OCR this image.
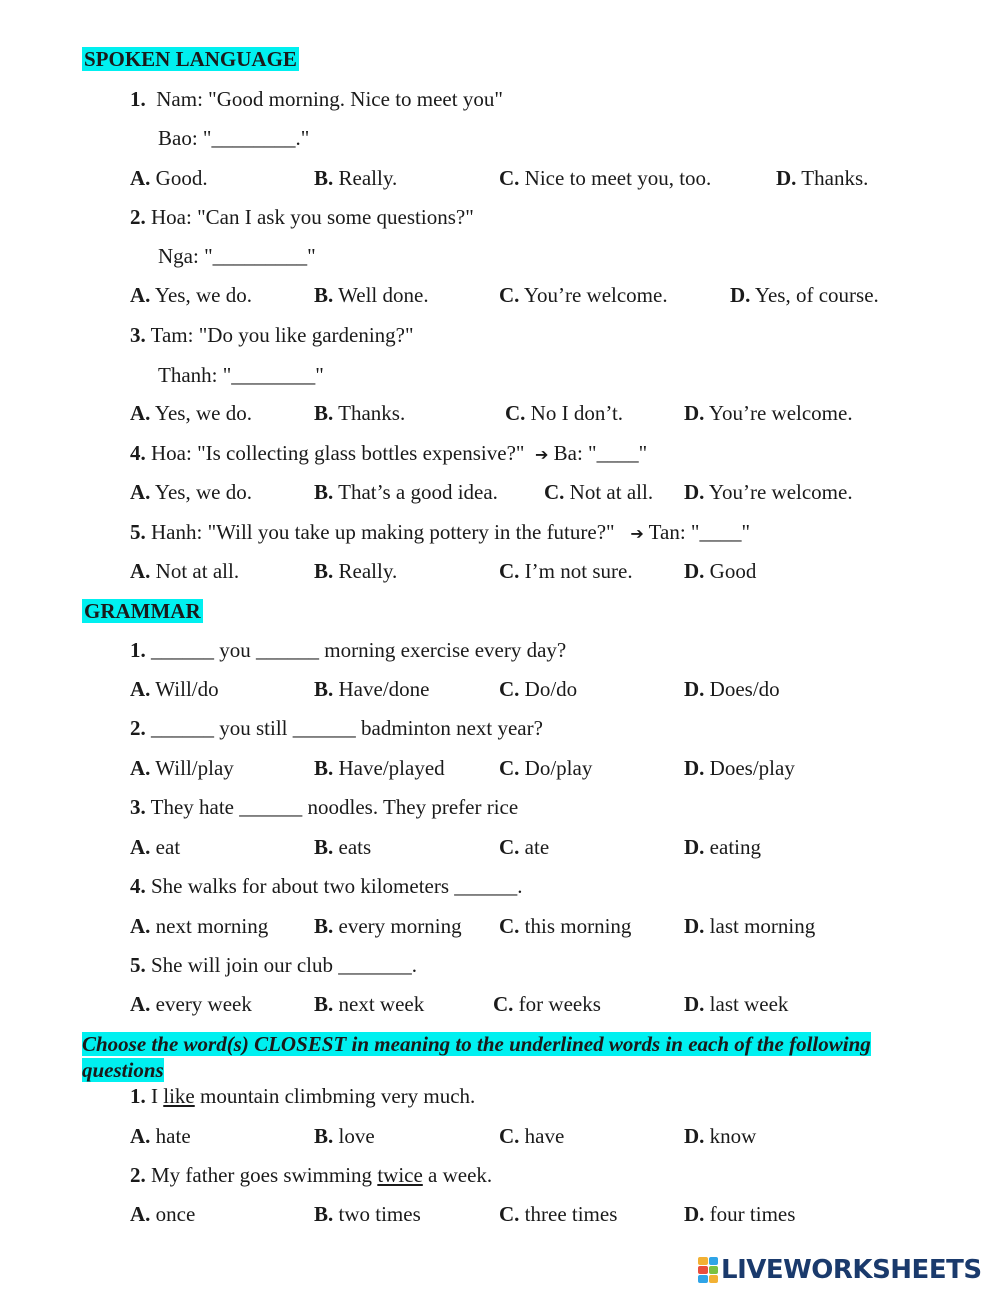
SPOKEN LANGUAGE
1. Nam: "Good morning. Nice to meet you"
Bao: "________."
A. Good.	B. Really.	C. Nice to meet you, too.	D. Thanks.
2. Hoa: "Can I ask you some questions?"
Nga: "_________"
A. Yes, we do.	B. Well done.	C. You’re welcome.	D. Yes, of course.
3. Tam: "Do you like gardening?"
Thanh: "________"
A. Yes, we do.	B. Thanks.	C. No I don’t.	D. You’re welcome.
4. Hoa: "Is collecting glass bottles expensive?" ➔ Ba: "____"
A. Yes, we do.	B. That’s a good idea. C. Not at all. D. You’re welcome.
5. Hanh: "Will you take up making pottery in the future?" ➔ Tan: "____"
A. Not at all.	B. Really.	C. I’m not sure. D. Good
GRAMMAR
1. ______ you ______ morning exercise every day?
A. Will/do	B. Have/done	C. Do/do	D. Does/do
2. ______ you still ______ badminton next year?
A. Will/play	B. Have/played	C. Do/play	D. Does/play
3. They hate ______ noodles. They prefer rice
A. eat	B. eats	C. ate	D. eating
4. She walks for about two kilometers ______.
A. next morning B. every morning C. this morning	D. last morning
5. She will join our club _______.
A. every week	B. next week	C. for weeks	D. last week
Choose the word(s) CLOSEST in meaning to the underlined words in each of the following
questions
1. I like mountain climbming very much.
A. hate	B. love	C. have	D. know
2. My father goes swimming twice a week.
A. once	B. two times	C. three times	D. four times
LIVEWORKSHEETS
